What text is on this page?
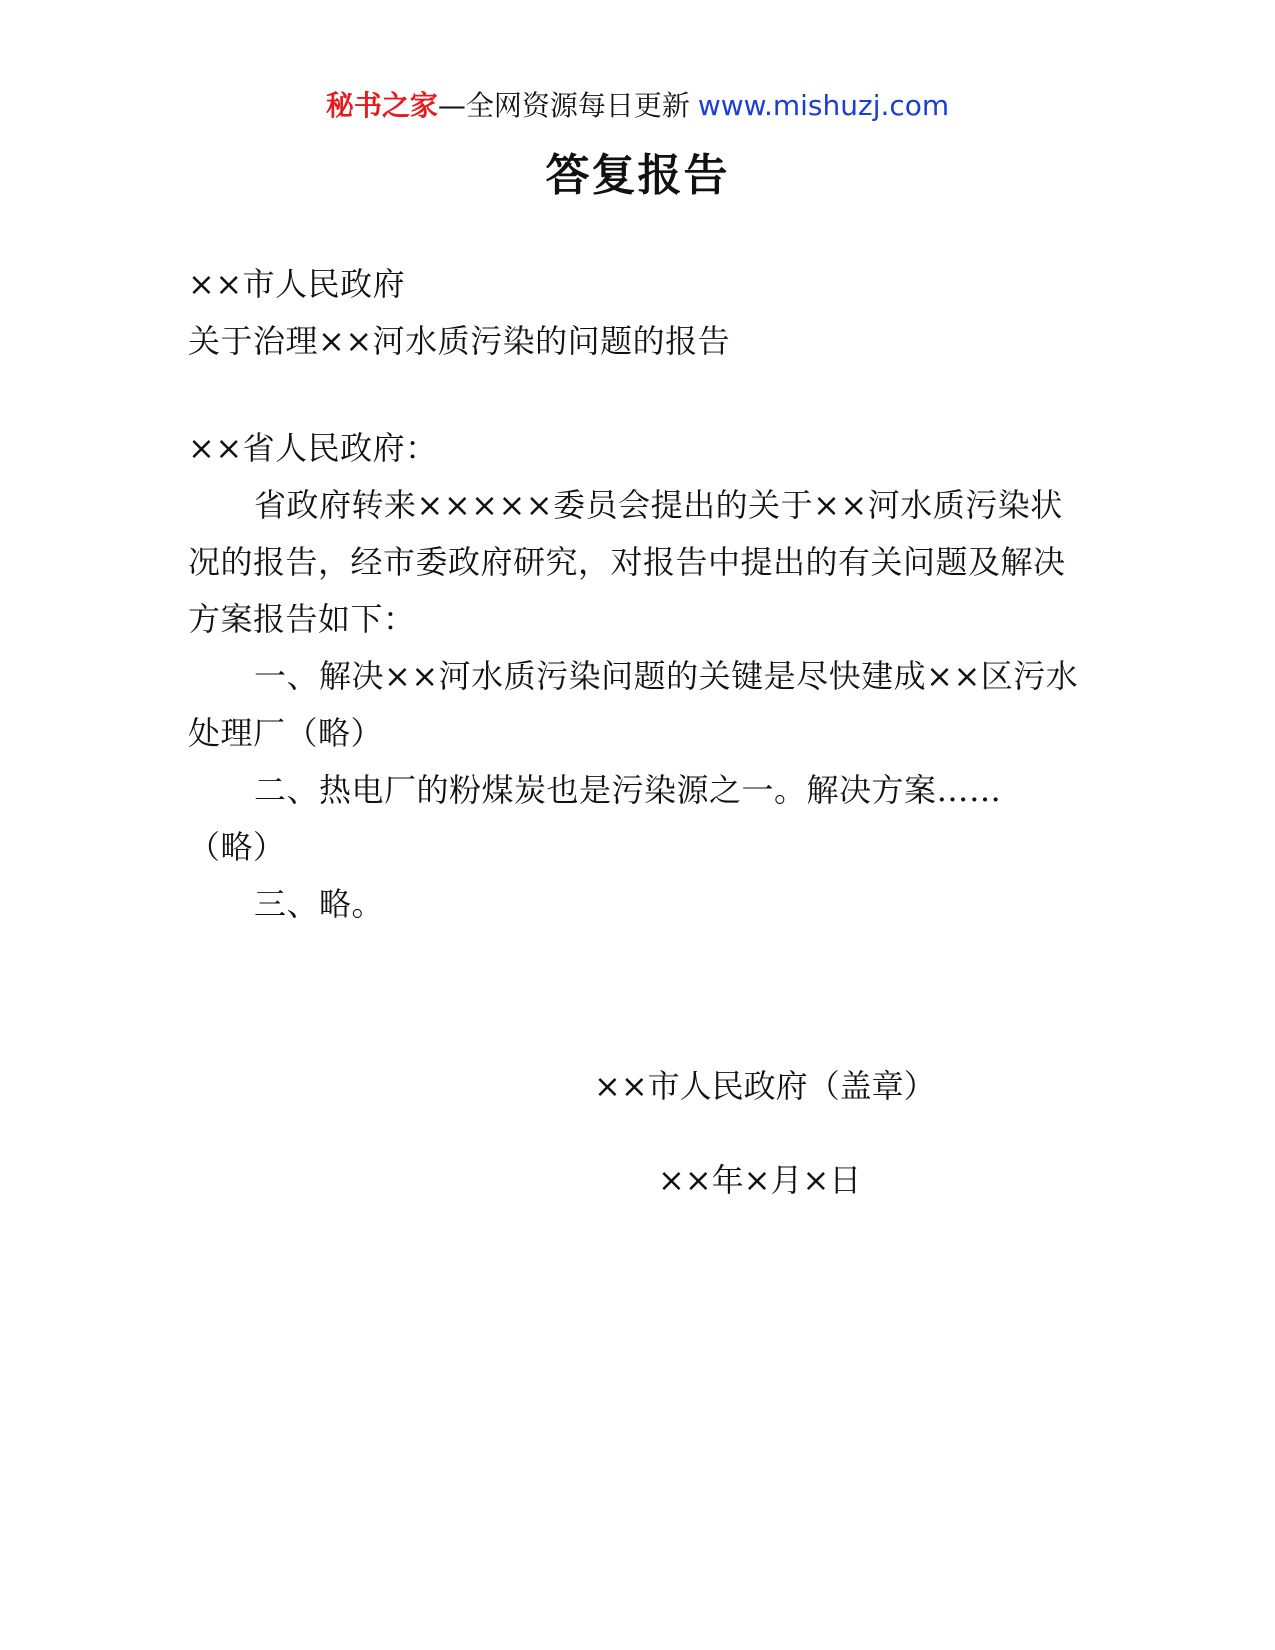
秘书之家—全网资源每日更新 www.mishuzj.com
答复报告
××市人民政府
关于治理××河水质污染的问题的报告
××省人民政府：
省政府转来×××××委员会提出的关于××河水质污染状况的报告，经市委政府研究，对报告中提出的有关问题及解决方案报告如下：
一、解决××河水质污染问题的关键是尽快建成××区污水处理厂（略）
二、热电厂的粉煤炭也是污染源之一。解决方案……
（略）
三、略。
××市人民政府（盖章）
××年×月×日
